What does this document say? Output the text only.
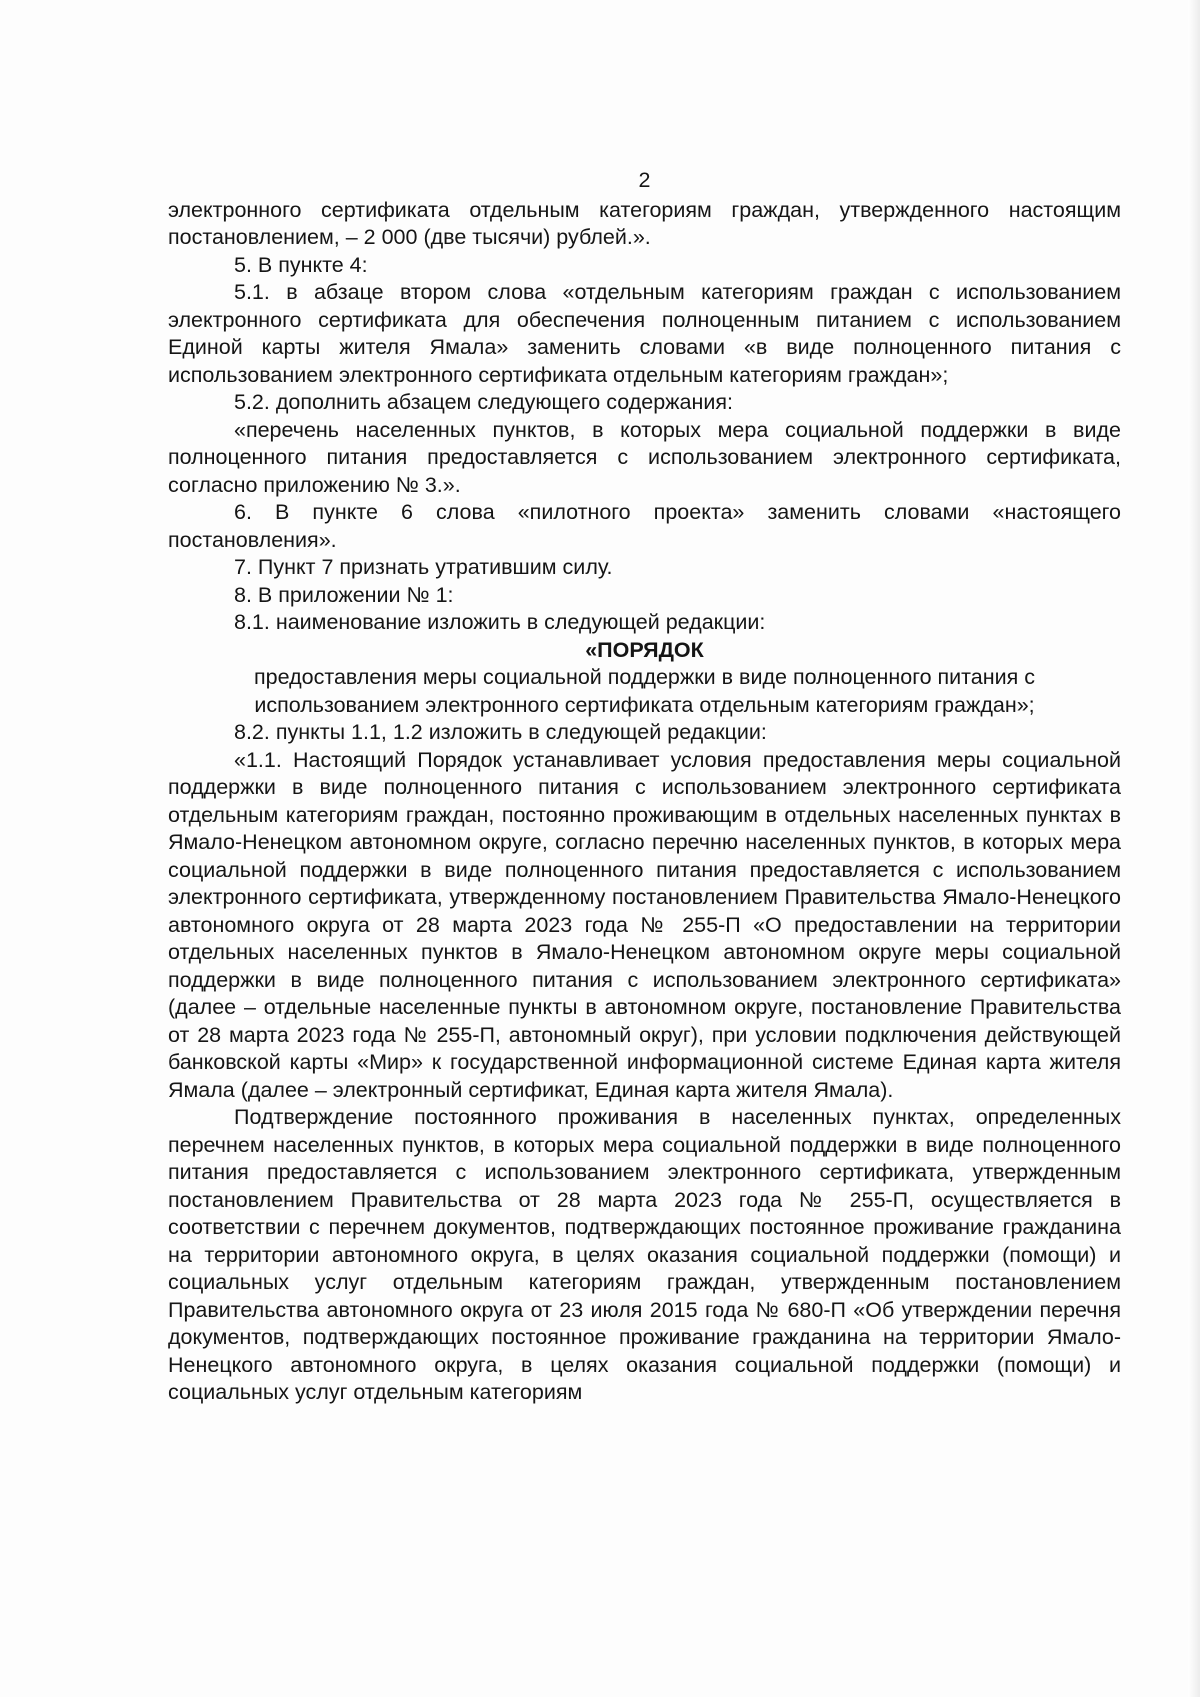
2

электронного сертификата отдельным категориям граждан, утвержденного настоящим постановлением, – 2 000 (две тысячи) рублей.».

5. В пункте 4:

5.1. в абзаце втором слова «отдельным категориям граждан с использованием электронного сертификата для обеспечения полноценным питанием с использованием Единой карты жителя Ямала» заменить словами «в виде полноценного питания с использованием электронного сертификата отдельным категориям граждан»;

5.2. дополнить абзацем следующего содержания:

«перечень населенных пунктов, в которых мера социальной поддержки в виде полноценного питания предоставляется с использованием электронного сертификата, согласно приложению № 3.».

6. В пункте 6 слова «пилотного проекта» заменить словами «настоящего постановления».

7. Пункт 7 признать утратившим силу.

8. В приложении № 1:

8.1. наименование изложить в следующей редакции:

«ПОРЯДОК

предоставления меры социальной поддержки в виде полноценного питания с использованием электронного сертификата отдельным категориям граждан»;

8.2. пункты 1.1, 1.2 изложить в следующей редакции:

«1.1. Настоящий Порядок устанавливает условия предоставления меры социальной поддержки в виде полноценного питания с использованием электронного сертификата отдельным категориям граждан, постоянно проживающим в отдельных населенных пунктах в Ямало-Ненецком автономном округе, согласно перечню населенных пунктов, в которых мера социальной поддержки в виде полноценного питания предоставляется с использованием электронного сертификата, утвержденному постановлением Правительства Ямало-Ненецкого автономного округа от 28 марта 2023 года № 255-П «О предоставлении на территории отдельных населенных пунктов в Ямало-Ненецком автономном округе меры социальной поддержки в виде полноценного питания с использованием электронного сертификата» (далее – отдельные населенные пункты в автономном округе, постановление Правительства от 28 марта 2023 года № 255-П, автономный округ), при условии подключения действующей банковской карты «Мир» к государственной информационной системе Единая карта жителя Ямала (далее – электронный сертификат, Единая карта жителя Ямала).

Подтверждение постоянного проживания в населенных пунктах, определенных перечнем населенных пунктов, в которых мера социальной поддержки в виде полноценного питания предоставляется с использованием электронного сертификата, утвержденным постановлением Правительства от 28 марта 2023 года № 255-П, осуществляется в соответствии с перечнем документов, подтверждающих постоянное проживание гражданина на территории автономного округа, в целях оказания социальной поддержки (помощи) и социальных услуг отдельным категориям граждан, утвержденным постановлением Правительства автономного округа от 23 июля 2015 года № 680-П «Об утверждении перечня документов, подтверждающих постоянное проживание гражданина на территории Ямало-Ненецкого автономного округа, в целях оказания социальной поддержки (помощи) и социальных услуг отдельным категориям
